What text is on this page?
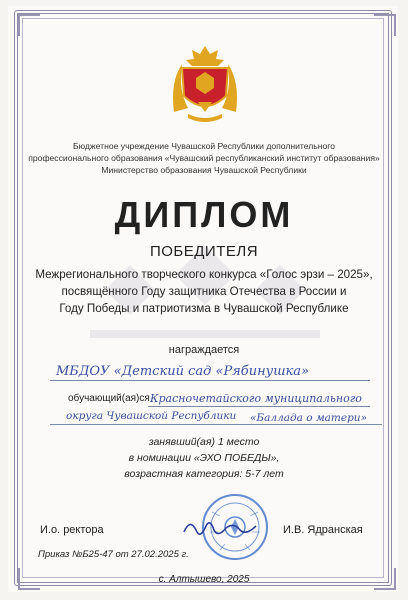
Бюджетное учреждение Чувашской Республики дополнительного
профессионального образования «Чувашский республиканский институт образования»
Министерство образования Чувашской Республики
ДИПЛОМ
ПОБЕДИТЕЛЯ
Межрегионального творческого конкурса «Голос эрзи – 2025»,
посвящённого Году защитника Отечества в России и
Году Победы и патриотизма в Чувашской Республике
награждается
МБДОУ «Детский сад «Рябинушка»
обучающий(ая)ся Красночетайского муниципального
округа Чувашской Республики «Баллада о матери»
занявший(ая) 1 место
в номинации «ЭХО ПОБЕДЫ»,
возрастная категория: 5-7 лет
И.о. ректора	И.В. Ядранская
Приказ №Б25-47 от 27.02.2025 г.
с. Алтышево, 2025
